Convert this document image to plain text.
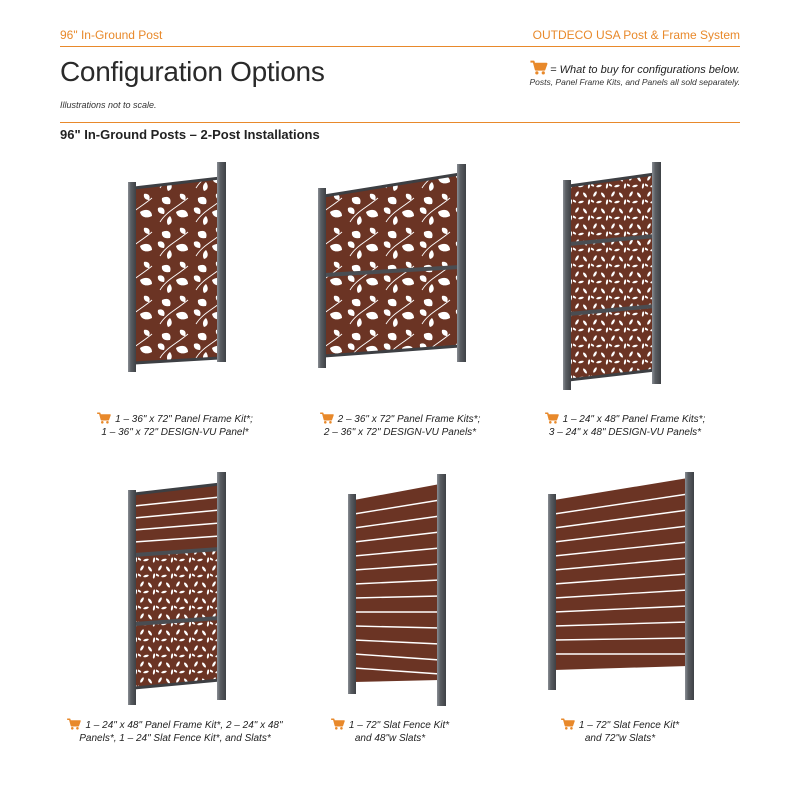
96" In-Ground Post	OUTDECO USA Post & Frame System
Configuration Options
Illustrations not to scale.
= What to buy for configurations below.
Posts, Panel Frame Kits, and Panels all sold separately.
96" In-Ground Posts – 2-Post Installations
1 – 36" x 72" Panel Frame Kit*;
1 – 36" x 72" DESIGN-VU Panel*
2 – 36" x 72" Panel Frame Kits*;
2 – 36" x 72" DESIGN-VU Panels*
1 – 24" x 48" Panel Frame Kits*;
3 – 24" x 48" DESIGN-VU Panels*
1 – 24" x 48" Panel Frame Kit*, 2 – 24" x 48"
Panels*, 1 – 24" Slat Fence Kit*, and Slats*
1 – 72" Slat Fence Kit*
and 48"w Slats*
1 – 72" Slat Fence Kit*
and 72"w Slats*
